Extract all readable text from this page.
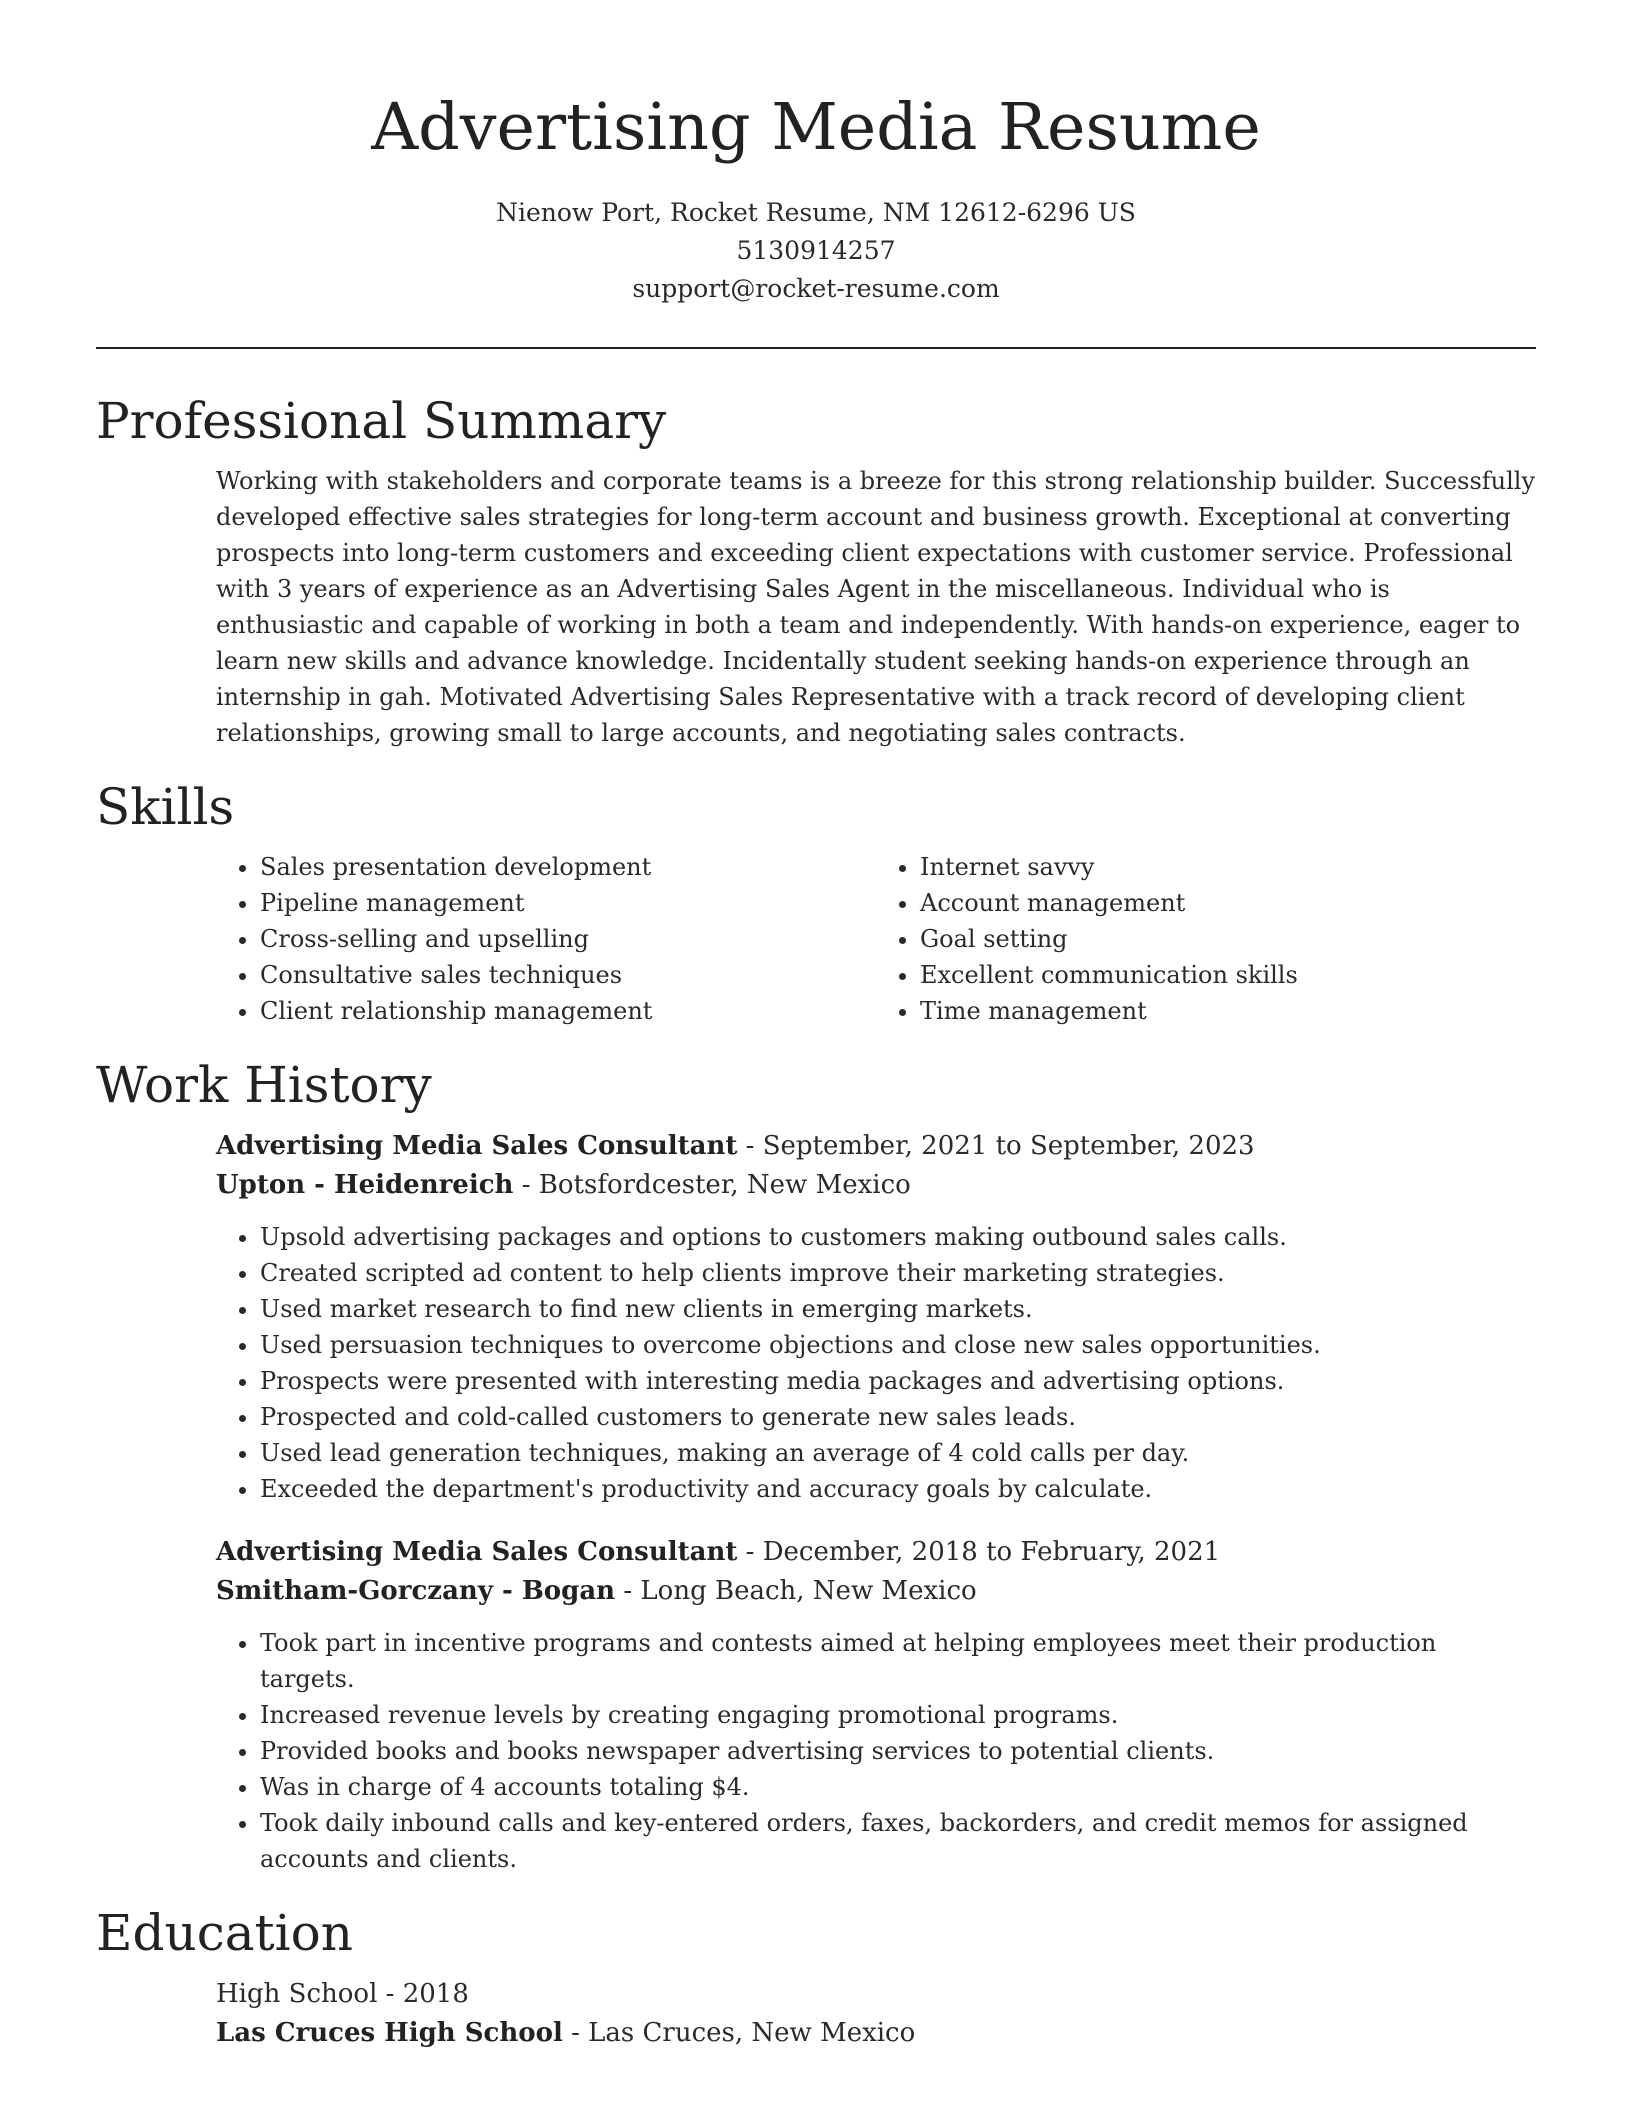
Advertising Media Resume

Nienow Port, Rocket Resume, NM 12612-6296 US

5130914257

support@rocket-resume.com

Professional Summary

Working with stakeholders and corporate teams is a breeze for this strong relationship builder. Successfully developed effective sales strategies for long-term account and business growth. Exceptional at converting prospects into long-term customers and exceeding client expectations with customer service. Professional with 3 years of experience as an Advertising Sales Agent in the miscellaneous. Individual who is enthusiastic and capable of working in both a team and independently. With hands-on experience, eager to learn new skills and advance knowledge. Incidentally student seeking hands-on experience through an internship in gah. Motivated Advertising Sales Representative with a track record of developing client relationships, growing small to large accounts, and negotiating sales contracts.

Skills
• Sales presentation development
• Pipeline management
• Cross-selling and upselling
• Consultative sales techniques
• Client relationship management
• Internet savvy
• Account management
• Goal setting
• Excellent communication skills
• Time management
Work History

Advertising Media Sales Consultant - September, 2021 to September, 2023

Upton - Heidenreich - Botsfordcester, New Mexico

• Upsold advertising packages and options to customers making outbound sales calls.
• Created scripted ad content to help clients improve their marketing strategies.
• Used market research to find new clients in emerging markets.
• Used persuasion techniques to overcome objections and close new sales opportunities.
• Prospects were presented with interesting media packages and advertising options.
• Prospected and cold-called customers to generate new sales leads.
• Used lead generation techniques, making an average of 4 cold calls per day.
• Exceeded the department's productivity and accuracy goals by calculate.

Advertising Media Sales Consultant - December, 2018 to February, 2021

Smitham-Gorczany - Bogan - Long Beach, New Mexico

• Took part in incentive programs and contests aimed at helping employees meet their production targets.
• Increased revenue levels by creating engaging promotional programs.
• Provided books and books newspaper advertising services to potential clients.
• Was in charge of 4 accounts totaling $4.
• Took daily inbound calls and key-entered orders, faxes, backorders, and credit memos for assigned accounts and clients.
Education

High School - 2018

Las Cruces High School - Las Cruces, New Mexico
